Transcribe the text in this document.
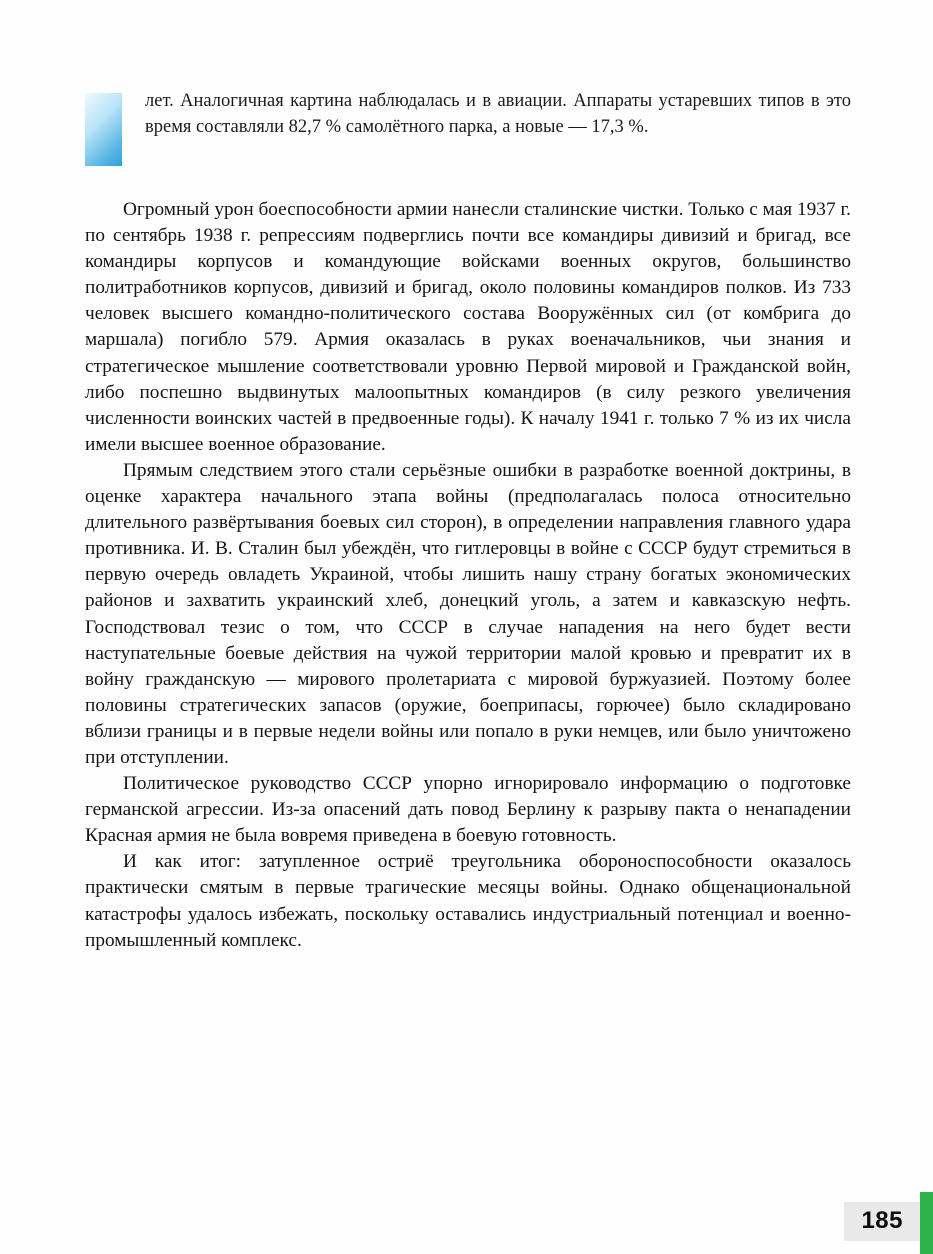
лет. Аналогичная картина наблюдалась и в авиации. Аппараты устаревших типов в это время составляли 82,7 % самолётного парка, а новые — 17,3 %.

Огромный урон боеспособности армии нанесли сталинские чистки. Только с мая 1937 г. по сентябрь 1938 г. репрессиям подверглись почти все командиры дивизий и бригад, все командиры корпусов и командующие войсками военных округов, большинство политработников корпусов, дивизий и бригад, около половины командиров полков. Из 733 человек высшего командно-политического состава Вооружённых сил (от комбрига до маршала) погибло 579. Армия оказалась в руках военачальников, чьи знания и стратегическое мышление соответствовали уровню Первой мировой и Гражданской войн, либо поспешно выдвинутых малоопытных командиров (в силу резкого увеличения численности воинских частей в предвоенные годы). К началу 1941 г. только 7 % из их числа имели высшее военное образование.

Прямым следствием этого стали серьёзные ошибки в разработке военной доктрины, в оценке характера начального этапа войны (предполагалась полоса относительно длительного развёртывания боевых сил сторон), в определении направления главного удара противника. И. В. Сталин был убеждён, что гитлеровцы в войне с СССР будут стремиться в первую очередь овладеть Украиной, чтобы лишить нашу страну богатых экономических районов и захватить украинский хлеб, донецкий уголь, а затем и кавказскую нефть. Господствовал тезис о том, что СССР в случае нападения на него будет вести наступательные боевые действия на чужой территории малой кровью и превратит их в войну гражданскую — мирового пролетариата с мировой буржуазией. Поэтому более половины стратегических запасов (оружие, боеприпасы, горючее) было складировано вблизи границы и в первые недели войны или попало в руки немцев, или было уничтожено при отступлении.

Политическое руководство СССР упорно игнорировало информацию о подготовке германской агрессии. Из-за опасений дать повод Берлину к разрыву пакта о ненападении Красная армия не была вовремя приведена в боевую готовность.

И как итог: затупленное остриё треугольника обороноспособности оказалось практически смятым в первые трагические месяцы войны. Однако общенациональной катастрофы удалось избежать, поскольку оставались индустриальный потенциал и военно-промышленный комплекс.

185
